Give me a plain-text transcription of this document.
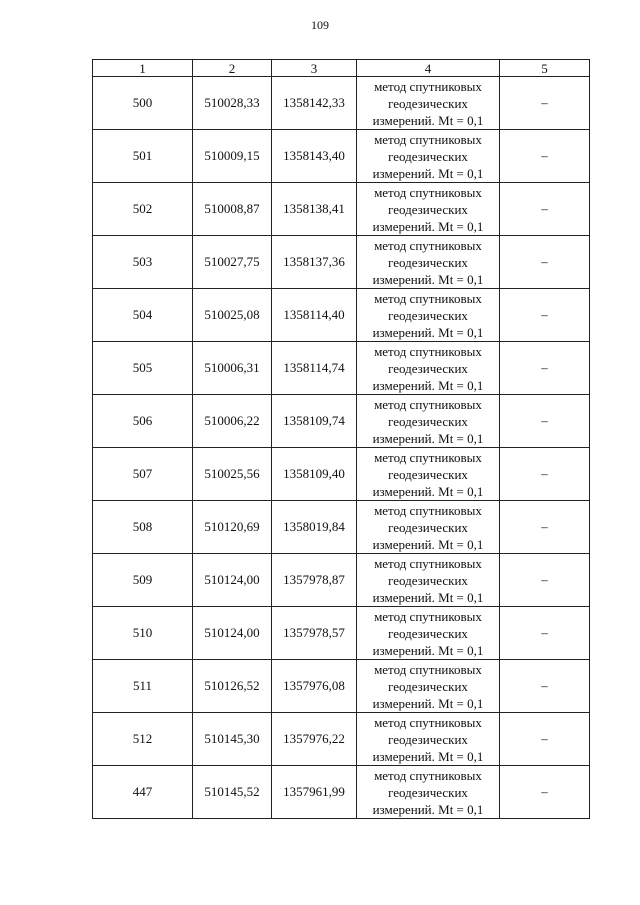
109
1	2	3	4	5
500	510028,33	1358142,33	метод спутниковых
геодезических
измерений. Mt = 0,1	–
501	510009,15	1358143,40	метод спутниковых
геодезических
измерений. Mt = 0,1	–
502	510008,87	1358138,41	метод спутниковых
геодезических
измерений. Mt = 0,1	–
503	510027,75	1358137,36	метод спутниковых
геодезических
измерений. Mt = 0,1	–
504	510025,08	1358114,40	метод спутниковых
геодезических
измерений. Mt = 0,1	–
505	510006,31	1358114,74	метод спутниковых
геодезических
измерений. Mt = 0,1	–
506	510006,22	1358109,74	метод спутниковых
геодезических
измерений. Mt = 0,1	–
507	510025,56	1358109,40	метод спутниковых
геодезических
измерений. Mt = 0,1	–
508	510120,69	1358019,84	метод спутниковых
геодезических
измерений. Mt = 0,1	–
509	510124,00	1357978,87	метод спутниковых
геодезических
измерений. Mt = 0,1	–
510	510124,00	1357978,57	метод спутниковых
геодезических
измерений. Mt = 0,1	–
511	510126,52	1357976,08	метод спутниковых
геодезических
измерений. Mt = 0,1	–
512	510145,30	1357976,22	метод спутниковых
геодезических
измерений. Mt = 0,1	–
447	510145,52	1357961,99	метод спутниковых
геодезических
измерений. Mt = 0,1	–
